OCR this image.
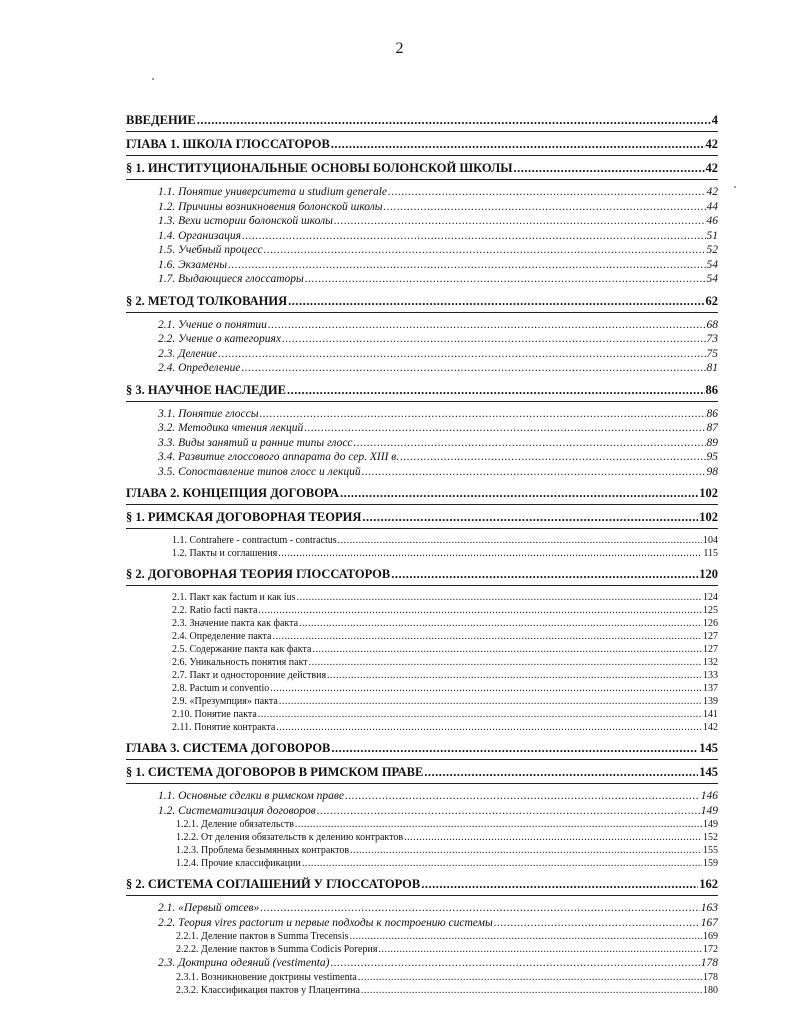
2
ВВЕДЕНИЕ .....	4
ГЛАВА 1. ШКОЛА ГЛОССАТОРОВ .....	42
§ 1. ИНСТИТУЦИОНАЛЬНЫЕ ОСНОВЫ БОЛОНСКОЙ ШКОЛЫ .....	42
1.1. Понятие университета и studium generale .....	42
1.2. Причины возникновения болонской школы .....	44
1.3. Вехи истории болонской школы .....	46
1.4. Организация .....	51
1.5. Учебный процесс .....	52
1.6. Экзамены .....	54
1.7. Выдающиеся глоссаторы .....	54
§ 2. МЕТОД ТОЛКОВАНИЯ .....	62
2.1. Учение о понятии .....	68
2.2. Учение о категориях .....	73
2.3. Деление .....	75
2.4. Определение .....	81
§ 3. НАУЧНОЕ НАСЛЕДИЕ .....	86
3.1. Понятие глоссы .....	86
3.2. Методика чтения лекций .....	87
3.3. Виды занятий и ранние типы глосс .....	89
3.4. Развитие глоссового аппарата до сер. XIII в. .....	95
3.5. Сопоставление типов глосс и лекций .....	98
ГЛАВА 2. КОНЦЕПЦИЯ ДОГОВОРА .....	102
§ 1. РИМСКАЯ ДОГОВОРНАЯ ТЕОРИЯ .....	102
1.1. Contrahere - contractum - contractus .....	104
1.2. Пакты и соглашения .....	115
§ 2. ДОГОВОРНАЯ ТЕОРИЯ ГЛОССАТОРОВ .....	120
2.1. Пакт как factum и как ius .....	124
2.2. Ratio facti пакта .....	125
2.3. Значение пакта как факта .....	126
2.4. Определение пакта .....	127
2.5. Содержание пакта как факта .....	127
2.6. Уникальность понятия пакт .....	132
2.7. Пакт и односторонние действия .....	133
2.8. Pactum и conventio .....	137
2.9. «Презумпция» пакта .....	139
2.10. Понятие пакта .....	141
2.11. Понятие контракта .....	142
ГЛАВА 3. СИСТЕМА ДОГОВОРОВ .....	145
§ 1. СИСТЕМА ДОГОВОРОВ В РИМСКОМ ПРАВЕ .....	145
1.1. Основные сделки в римском праве .....	146
1.2. Систематизация договоров .....	149
1.2.1. Деление обязательств .....	149
1.2.2. От деления обязательств к делению контрактов .....	152
1.2.3. Проблема безымянных контрактов .....	155
1.2.4. Прочие классификации .....	159
§ 2. СИСТЕМА СОГЛАШЕНИЙ У ГЛОССАТОРОВ .....	162
2.1. «Первый отсев» .....	163
2.2. Теория vires pactorum и первые подходы к построению системы .....	167
2.2.1. Деление пактов в Summa Trecensis .....	169
2.2.2. Деление пактов в Summa Codicis Рогерия .....	172
2.3. Доктрина одеяний (vestimenta) .....	178
2.3.1. Возникновение доктрины vestimenta .....	178
2.3.2. Классификация пактов у Плацентина .....	180
